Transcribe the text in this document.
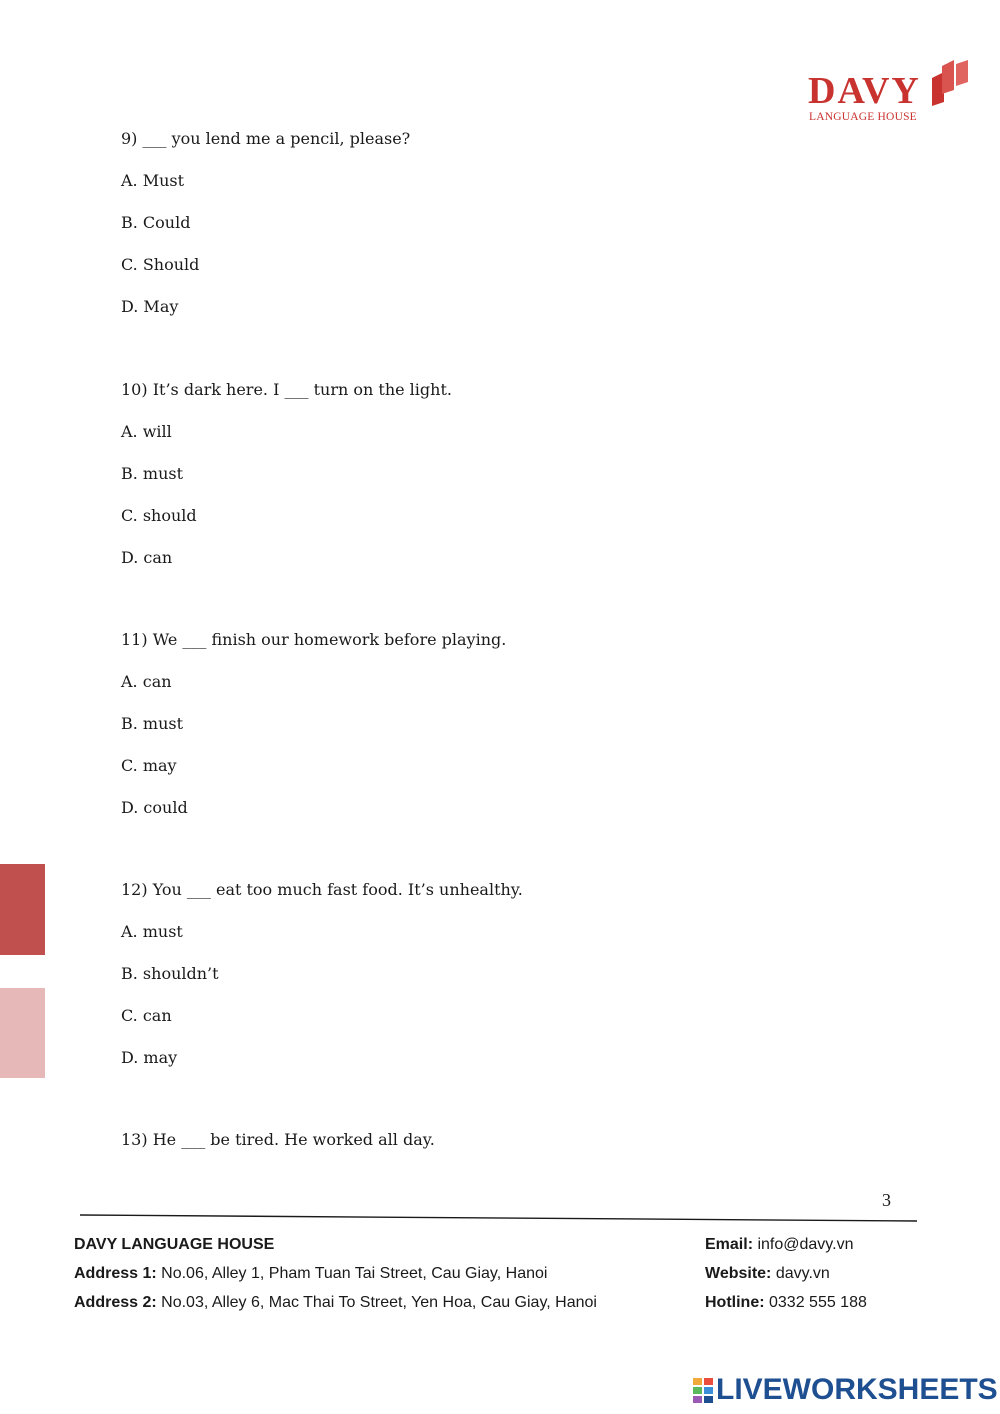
DAVY
LANGUAGE HOUSE
9) ___ you lend me a pencil, please?
A. Must
B. Could
C. Should
D. May
10) It’s dark here. I ___ turn on the light.
A. will
B. must
C. should
D. can
11) We ___ finish our homework before playing.
A. can
B. must
C. may
D. could
12) You ___ eat too much fast food. It’s unhealthy.
A. must
B. shouldn’t
C. can
D. may
13) He ___ be tired. He worked all day.
3
DAVY LANGUAGE HOUSE
Address 1: No.06, Alley 1, Pham Tuan Tai Street, Cau Giay, Hanoi
Address 2: No.03, Alley 6, Mac Thai To Street, Yen Hoa, Cau Giay, Hanoi
Email: info@davy.vn
Website: davy.vn
Hotline: 0332 555 188
LIVEWORKSHEETS
